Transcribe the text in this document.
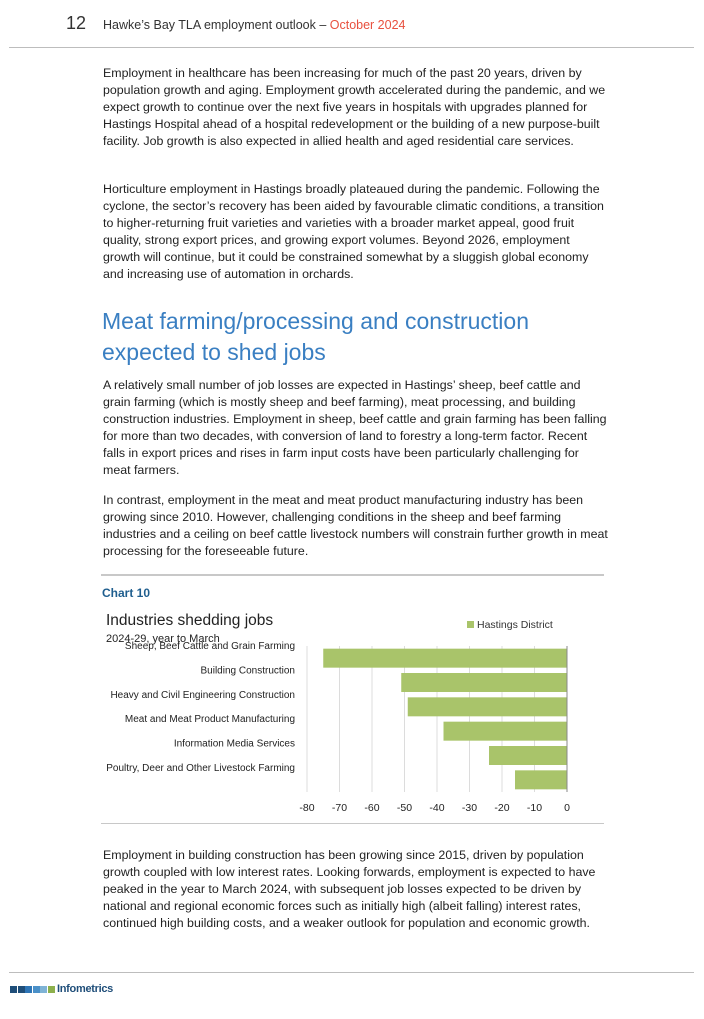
12 Hawke’s Bay TLA employment outlook – October 2024

Employment in healthcare has been increasing for much of the past 20 years, driven by population growth and aging. Employment growth accelerated during the pandemic, and we expect growth to continue over the next five years in hospitals with upgrades planned for Hastings Hospital ahead of a hospital redevelopment or the building of a new purpose-built facility. Job growth is also expected in allied health and aged residential care services.

Horticulture employment in Hastings broadly plateaued during the pandemic. Following the cyclone, the sector’s recovery has been aided by favourable climatic conditions, a transition to higher-returning fruit varieties and varieties with a broader market appeal, good fruit quality, strong export prices, and growing export volumes. Beyond 2026, employment growth will continue, but it could be constrained somewhat by a sluggish global economy and increasing use of automation in orchards.

Meat farming/processing and construction expected to shed jobs

A relatively small number of job losses are expected in Hastings’ sheep, beef cattle and grain farming (which is mostly sheep and beef farming), meat processing, and building construction industries. Employment in sheep, beef cattle and grain farming has been falling for more than two decades, with conversion of land to forestry a long-term factor. Recent falls in export prices and rises in farm input costs have been particularly challenging for meat farmers.

In contrast, employment in the meat and meat product manufacturing industry has been growing since 2010. However, challenging conditions in the sheep and beef farming industries and a ceiling on beef cattle livestock numbers will constrain further growth in meat processing for the foreseeable future.

Chart 10
Industries shedding jobs
2024-29, year to March
Hastings District
Sheep, Beef Cattle and Grain Farming
Building Construction
Heavy and Civil Engineering Construction
Meat and Meat Product Manufacturing
Information Media Services
Poultry, Deer and Other Livestock Farming
-80 -70 -60 -50 -40 -30 -20 -10 0

Employment in building construction has been growing since 2015, driven by population growth coupled with low interest rates. Looking forwards, employment is expected to have peaked in the year to March 2024, with subsequent job losses expected to be driven by national and regional economic forces such as initially high (albeit falling) interest rates, continued high building costs, and a weaker outlook for population and economic growth.

Infometrics
